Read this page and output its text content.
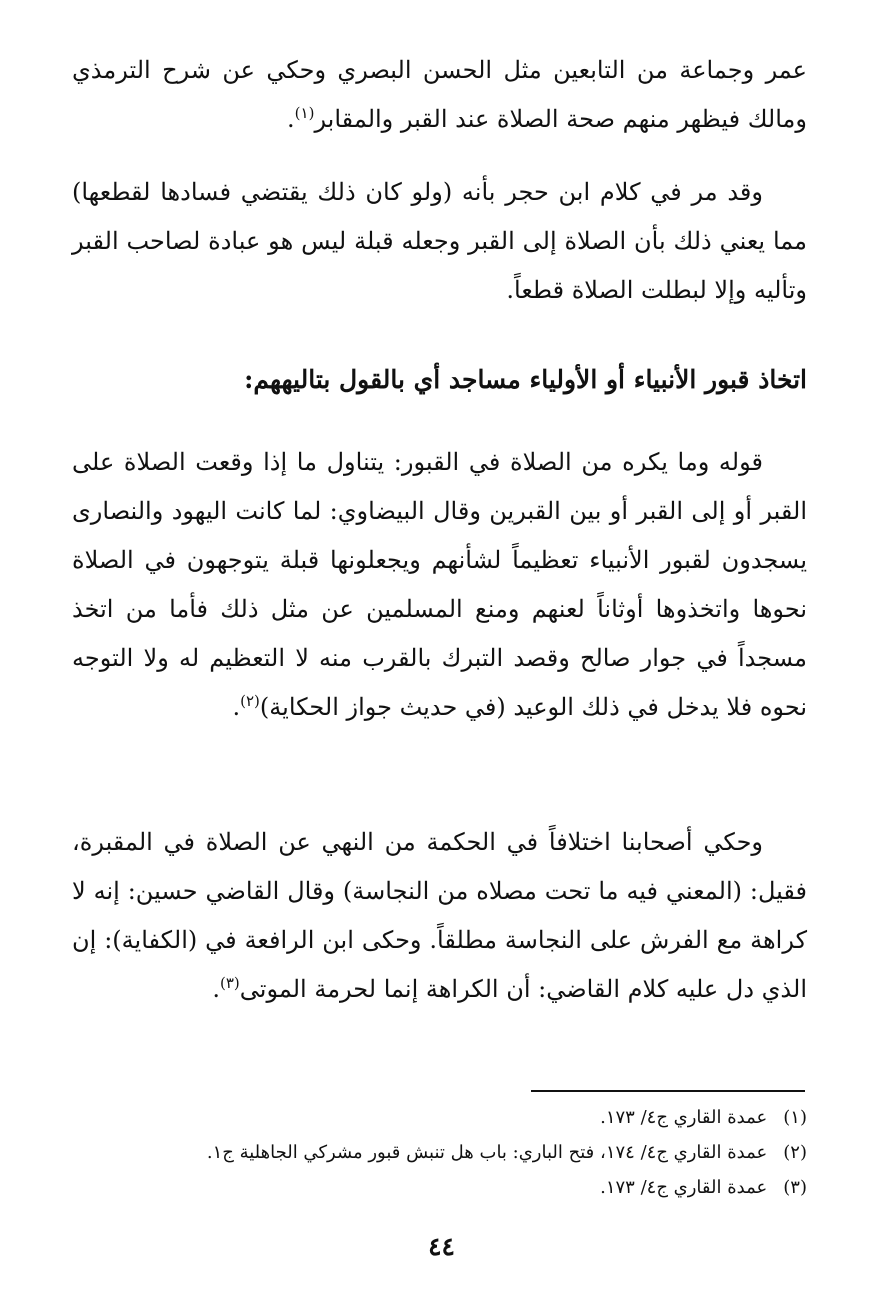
عمر وجماعة من التابعين مثل الحسن البصري وحكي عن شرح الترمذي ومالك فيظهر منهم صحة الصلاة عند القبر والمقابر$^{(١)}$.

وقد مر في كلام ابن حجر بأنه (ولو كان ذلك يقتضي فسادها لقطعها) مما يعني ذلك بأن الصلاة إلى القبر وجعله قبلة ليس هو عبادة لصاحب القبر وتأليه وإلا لبطلت الصلاة قطعاً.

اتخاذ قبور الأنبياء أو الأولياء مساجد أي بالقول بتاليههم:

قوله وما يكره من الصلاة في القبور: يتناول ما إذا وقعت الصلاة على القبر أو إلى القبر أو بين القبرين وقال البيضاوي: لما كانت اليهود والنصارى يسجدون لقبور الأنبياء تعظيماً لشأنهم ويجعلونها قبلة يتوجهون في الصلاة نحوها واتخذوها أوثاناً لعنهم ومنع المسلمين عن مثل ذلك فأما من اتخذ مسجداً في جوار صالح وقصد التبرك بالقرب منه لا التعظيم له ولا التوجه نحوه فلا يدخل في ذلك الوعيد (في حديث جواز الحكاية)$^{(٢)}$.

وحكي أصحابنا اختلافاً في الحكمة من النهي عن الصلاة في المقبرة، فقيل: (المعني فيه ما تحت مصلاه من النجاسة) وقال القاضي حسين: إنه لا كراهة مع الفرش على النجاسة مطلقاً. وحكى ابن الرافعة في (الكفاية): إن الذي دل عليه كلام القاضي: أن الكراهة إنما لحرمة الموتى$^{(٣)}$.

(١) عمدة القاري ج٤/ ١٧٣.
(٢) عمدة القاري ج٤/ ١٧٤، فتح الباري: باب هل تنبش قبور مشركي الجاهلية ج١.
(٣) عمدة القاري ج٤/ ١٧٣.
٤٤
